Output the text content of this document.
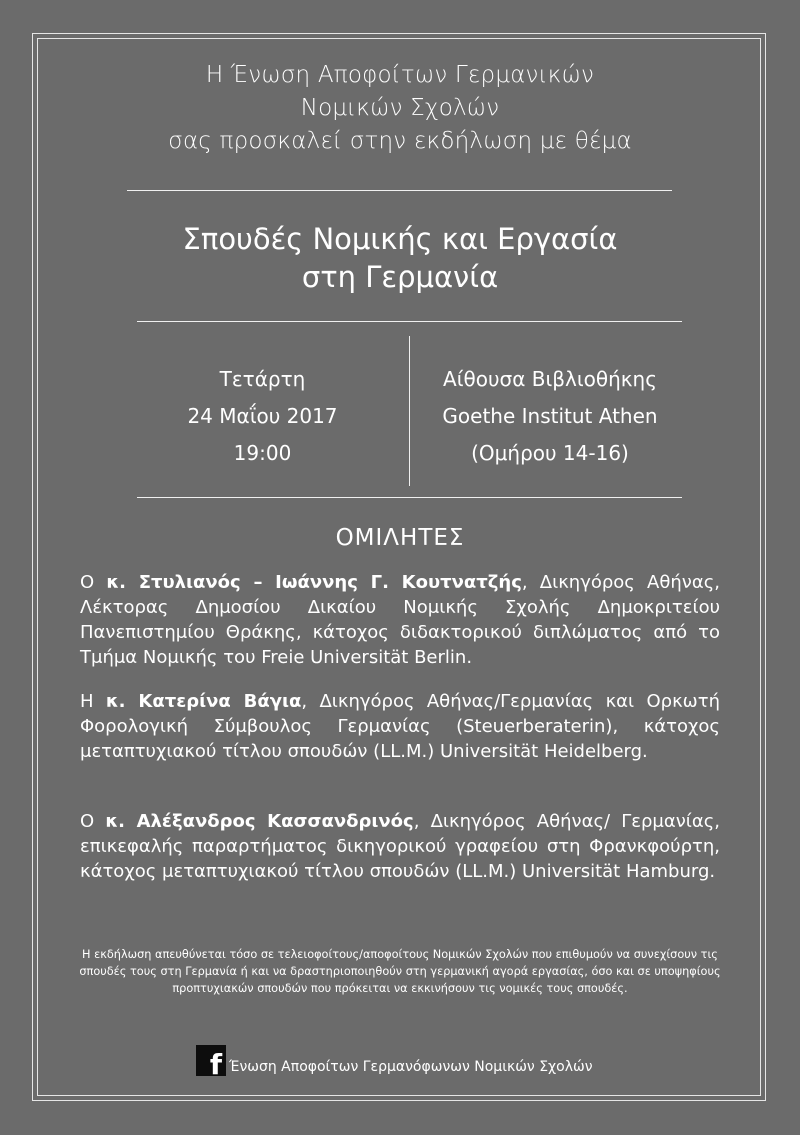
Η Ένωση Αποφοίτων Γερμανικών
Νομικών Σχολών
σας προσκαλεί στην εκδήλωση με θέμα
Σπουδές Νομικής και Εργασία
στη Γερμανία
Τετάρτη
24 Μαΐου 2017
19:00
Αίθουσα Βιβλιοθήκης
Goethe Institut Athen
(Ομήρου 14-16)
ΟΜΙΛΗΤΕΣ
Ο κ. Στυλιανός – Ιωάννης Γ. Κουτνατζής, Δικηγόρος Αθήνας, Λέκτορας Δημοσίου Δικαίου Νομικής Σχολής Δημοκριτείου Πανεπιστημίου Θράκης, κάτοχος διδακτορικού διπλώματος από το Τμήμα Νομικής του Freie Universität Berlin.
Η κ. Κατερίνα Βάγια, Δικηγόρος Αθήνας/Γερμανίας και Ορκωτή Φορολογική Σύμβουλος Γερμανίας (Steuerberaterin), κάτοχος μεταπτυχιακού τίτλου σπουδών (LL.M.) Universität Heidelberg.
Ο κ. Αλέξανδρος Κασσανδρινός, Δικηγόρος Αθήνας/ Γερμανίας, επικεφαλής παραρτήματος δικηγορικού γραφείου στη Φρανκφούρτη, κάτοχος μεταπτυχιακού τίτλου σπουδών (LL.M.) Universität Hamburg.
Η εκδήλωση απευθύνεται τόσο σε τελειοφοίτους/αποφοίτους Νομικών Σχολών που επιθυμούν να συνεχίσουν τις σπουδές τους στη Γερμανία ή και να δραστηριοποιηθούν στη γερμανική αγορά εργασίας, όσο και σε υποψηφίους προπτυχιακών σπουδών που πρόκειται να εκκινήσουν τις νομικές τους σπουδές.
f Ένωση Αποφοίτων Γερμανόφωνων Νομικών Σχολών
